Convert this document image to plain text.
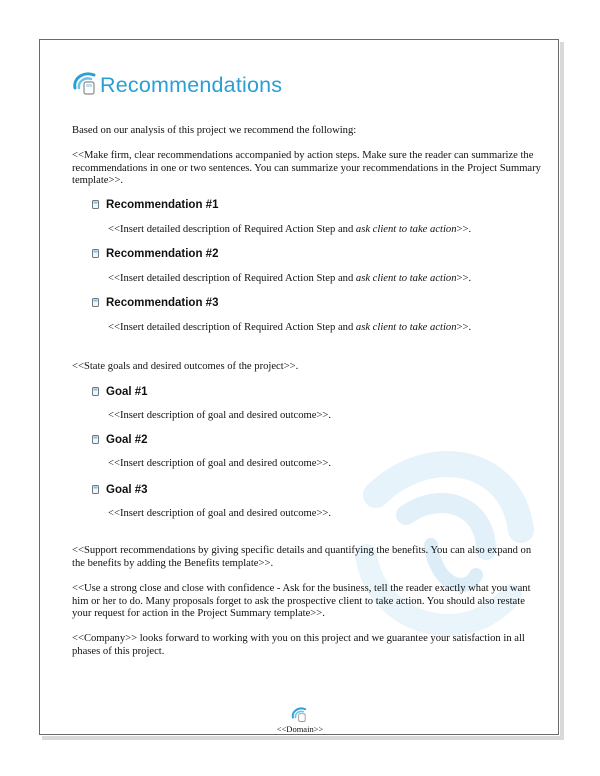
Recommendations
Based on our analysis of this project we recommend the following:
<<Make firm, clear recommendations accompanied by action steps. Make sure the reader can summarize the recommendations in one or two sentences. You can summarize your recommendations in the Project Summary template>>.
Recommendation #1
<<Insert detailed description of Required Action Step and ask client to take action>>.
Recommendation #2
<<Insert detailed description of Required Action Step and ask client to take action>>.
Recommendation #3
<<Insert detailed description of Required Action Step and ask client to take action>>.
<<State goals and desired outcomes of the project>>.
Goal #1
<<Insert description of goal and desired outcome>>.
Goal #2
<<Insert description of goal and desired outcome>>.
Goal #3
<<Insert description of goal and desired outcome>>.
<<Support recommendations by giving specific details and quantifying the benefits. You can also expand on the benefits by adding the Benefits template>>.
<<Use a strong close and close with confidence - Ask for the business, tell the reader exactly what you want him or her to do. Many proposals forget to ask the prospective client to take action. You should also restate your request for action in the Project Summary template>>.
<<Company>> looks forward to working with you on this project and we guarantee your satisfaction in all phases of this project.
<<Domain>>
